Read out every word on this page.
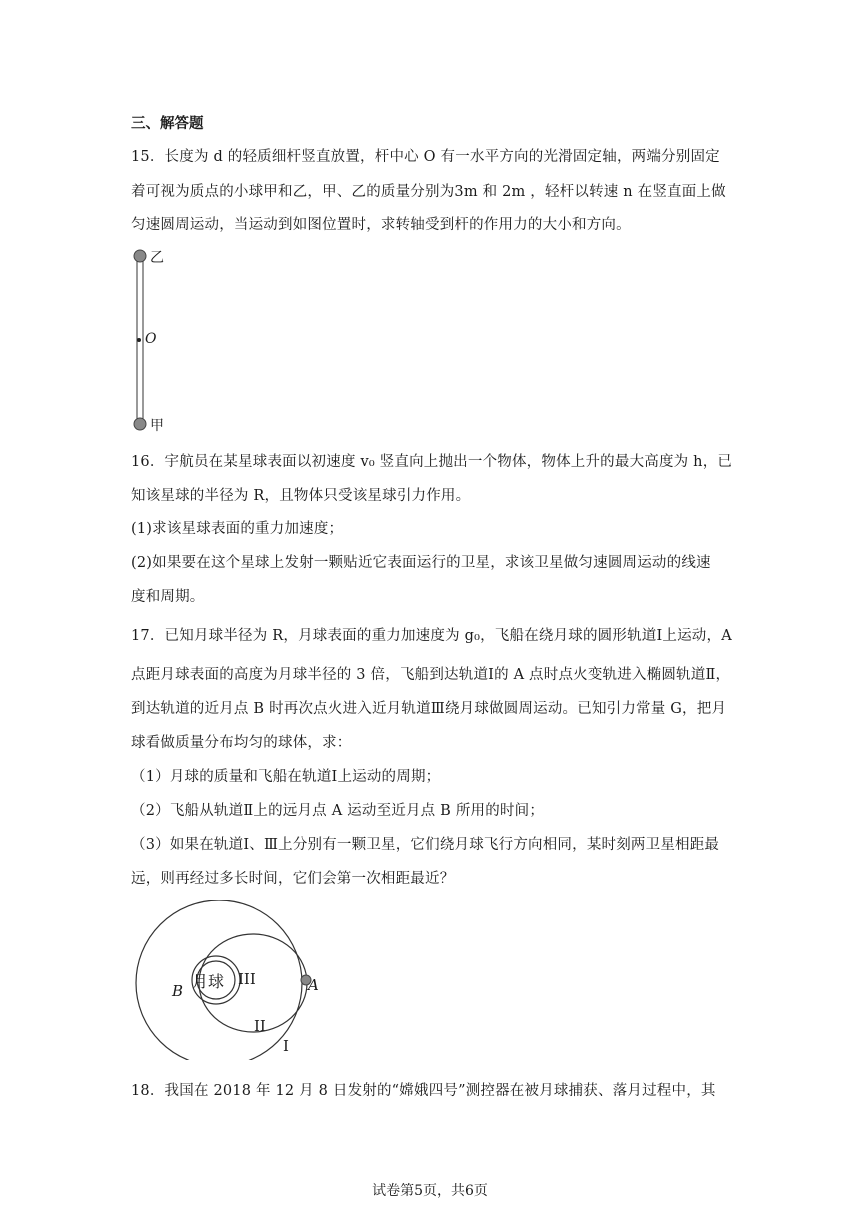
三、解答题
15．长度为 d 的轻质细杆竖直放置，杆中心 O 有一水平方向的光滑固定轴，两端分别固定
着可视为质点的小球甲和乙，甲、乙的质量分别为3m 和 2m ，轻杆以转速 n 在竖直面上做
匀速圆周运动，当运动到如图位置时，求转轴受到杆的作用力的大小和方向。
乙
O
甲
16．宇航员在某星球表面以初速度 v₀ 竖直向上抛出一个物体，物体上升的最大高度为 h，已
知该星球的半径为 R，且物体只受该星球引力作用。
(1)求该星球表面的重力加速度；
(2)如果要在这个星球上发射一颗贴近它表面运行的卫星，求该卫星做匀速圆周运动的线速
度和周期。
17．已知月球半径为 R，月球表面的重力加速度为 g₀，飞船在绕月球的圆形轨道Ⅰ上运动，A
点距月球表面的高度为月球半径的 3 倍，飞船到达轨道Ⅰ的 A 点时点火变轨进入椭圆轨道Ⅱ，
到达轨道的近月点 B 时再次点火进入近月轨道Ⅲ绕月球做圆周运动。已知引力常量 G，把月
球看做质量分布均匀的球体，求：
（1）月球的质量和飞船在轨道Ⅰ上运动的周期；
（2）飞船从轨道Ⅱ上的远月点 A 运动至近月点 B 所用的时间；
（3）如果在轨道Ⅰ、Ⅲ上分别有一颗卫星，它们绕月球飞行方向相同，某时刻两卫星相距最
远，则再经过多长时间，它们会第一次相距最近？
月球 III
B	A
II
I
18．我国在 2018 年 12 月 8 日发射的“嫦娥四号”测控器在被月球捕获、落月过程中，其
试卷第5页，共6页
